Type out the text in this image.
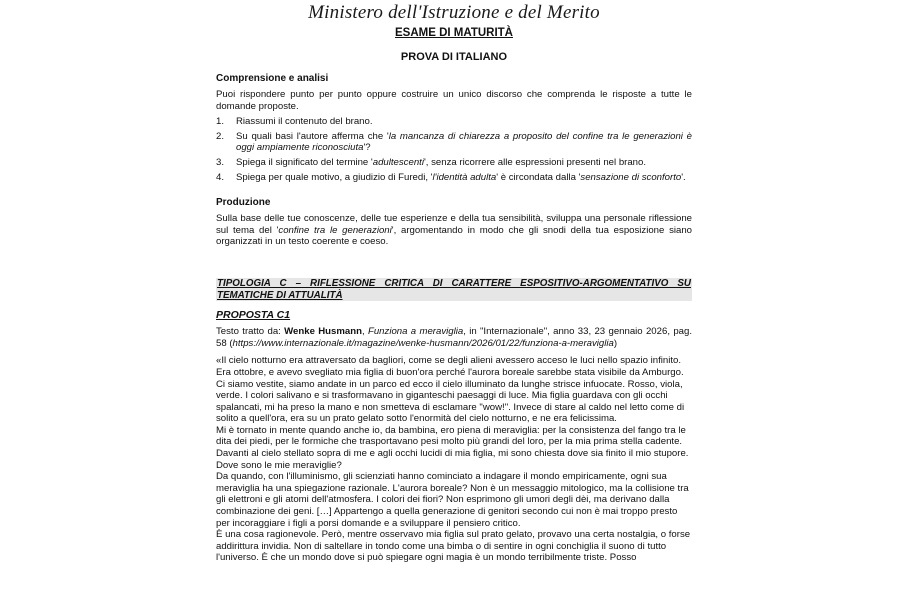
Ministero dell'Istruzione e del Merito
ESAME DI MATURITÀ
PROVA DI ITALIANO
Comprensione e analisi

Puoi rispondere punto per punto oppure costruire un unico discorso che comprenda le risposte a tutte le domande proposte.

1.	Riassumi il contenuto del brano.
2.	Su quali basi l'autore afferma che 'la mancanza di chiarezza a proposito del confine tra le generazioni è oggi ampiamente riconosciuta'?
3.	Spiega il significato del termine 'adultescenti', senza ricorrere alle espressioni presenti nel brano.
4.	Spiega per quale motivo, a giudizio di Furedi, 'l'identità adulta' è circondata dalla 'sensazione di sconforto'.
Produzione

Sulla base delle tue conoscenze, delle tue esperienze e della tua sensibilità, sviluppa una personale riflessione sul tema del 'confine tra le generazioni', argomentando in modo che gli snodi della tua esposizione siano organizzati in un testo coerente e coeso.

TIPOLOGIA C – RIFLESSIONE CRITICA DI CARATTERE ESPOSITIVO-ARGOMENTATIVO SU TEMATICHE DI ATTUALITÀ
PROPOSTA C1

Testo tratto da: Wenke Husmann, Funziona a meraviglia, in "Internazionale", anno 33, 23 gennaio 2026, pag. 58 (https://www.internazionale.it/magazine/wenke-husmann/2026/01/22/funziona-a-meraviglia)

«Il cielo notturno era attraversato da bagliori, come se degli alieni avessero acceso le luci nello spazio infinito. Era ottobre, e avevo svegliato mia figlia di buon'ora perché l'aurora boreale sarebbe stata visibile da Amburgo. Ci siamo vestite, siamo andate in un parco ed ecco il cielo illuminato da lunghe strisce infuocate. Rosso, viola, verde. I colori salivano e si trasformavano in giganteschi paesaggi di luce. Mia figlia guardava con gli occhi spalancati, mi ha preso la mano e non smetteva di esclamare "wow!". Invece di stare al caldo nel letto come di solito a quell'ora, era su un prato gelato sotto l'enormità del cielo notturno, e ne era felicissima.

Mi è tornato in mente quando anche io, da bambina, ero piena di meraviglia: per la consistenza del fango tra le dita dei piedi, per le formiche che trasportavano pesi molto più grandi del loro, per la mia prima stella cadente. Davanti al cielo stellato sopra di me e agli occhi lucidi di mia figlia, mi sono chiesta dove sia finito il mio stupore. Dove sono le mie meraviglie?

Da quando, con l'illuminismo, gli scienziati hanno cominciato a indagare il mondo empiricamente, ogni sua meraviglia ha una spiegazione razionale. L'aurora boreale? Non è un messaggio mitologico, ma la collisione tra gli elettroni e gli atomi dell'atmosfera. I colori dei fiori? Non esprimono gli umori degli dèi, ma derivano dalla combinazione dei geni. […] Appartengo a quella generazione di genitori secondo cui non è mai troppo presto per incoraggiare i figli a porsi domande e a sviluppare il pensiero critico.

È una cosa ragionevole. Però, mentre osservavo mia figlia sul prato gelato, provavo una certa nostalgia, o forse addirittura invidia. Non di saltellare in tondo come una bimba o di sentire in ogni conchiglia il suono di tutto l'universo. È che un mondo dove si può spiegare ogni magia è un mondo terribilmente triste. Posso
